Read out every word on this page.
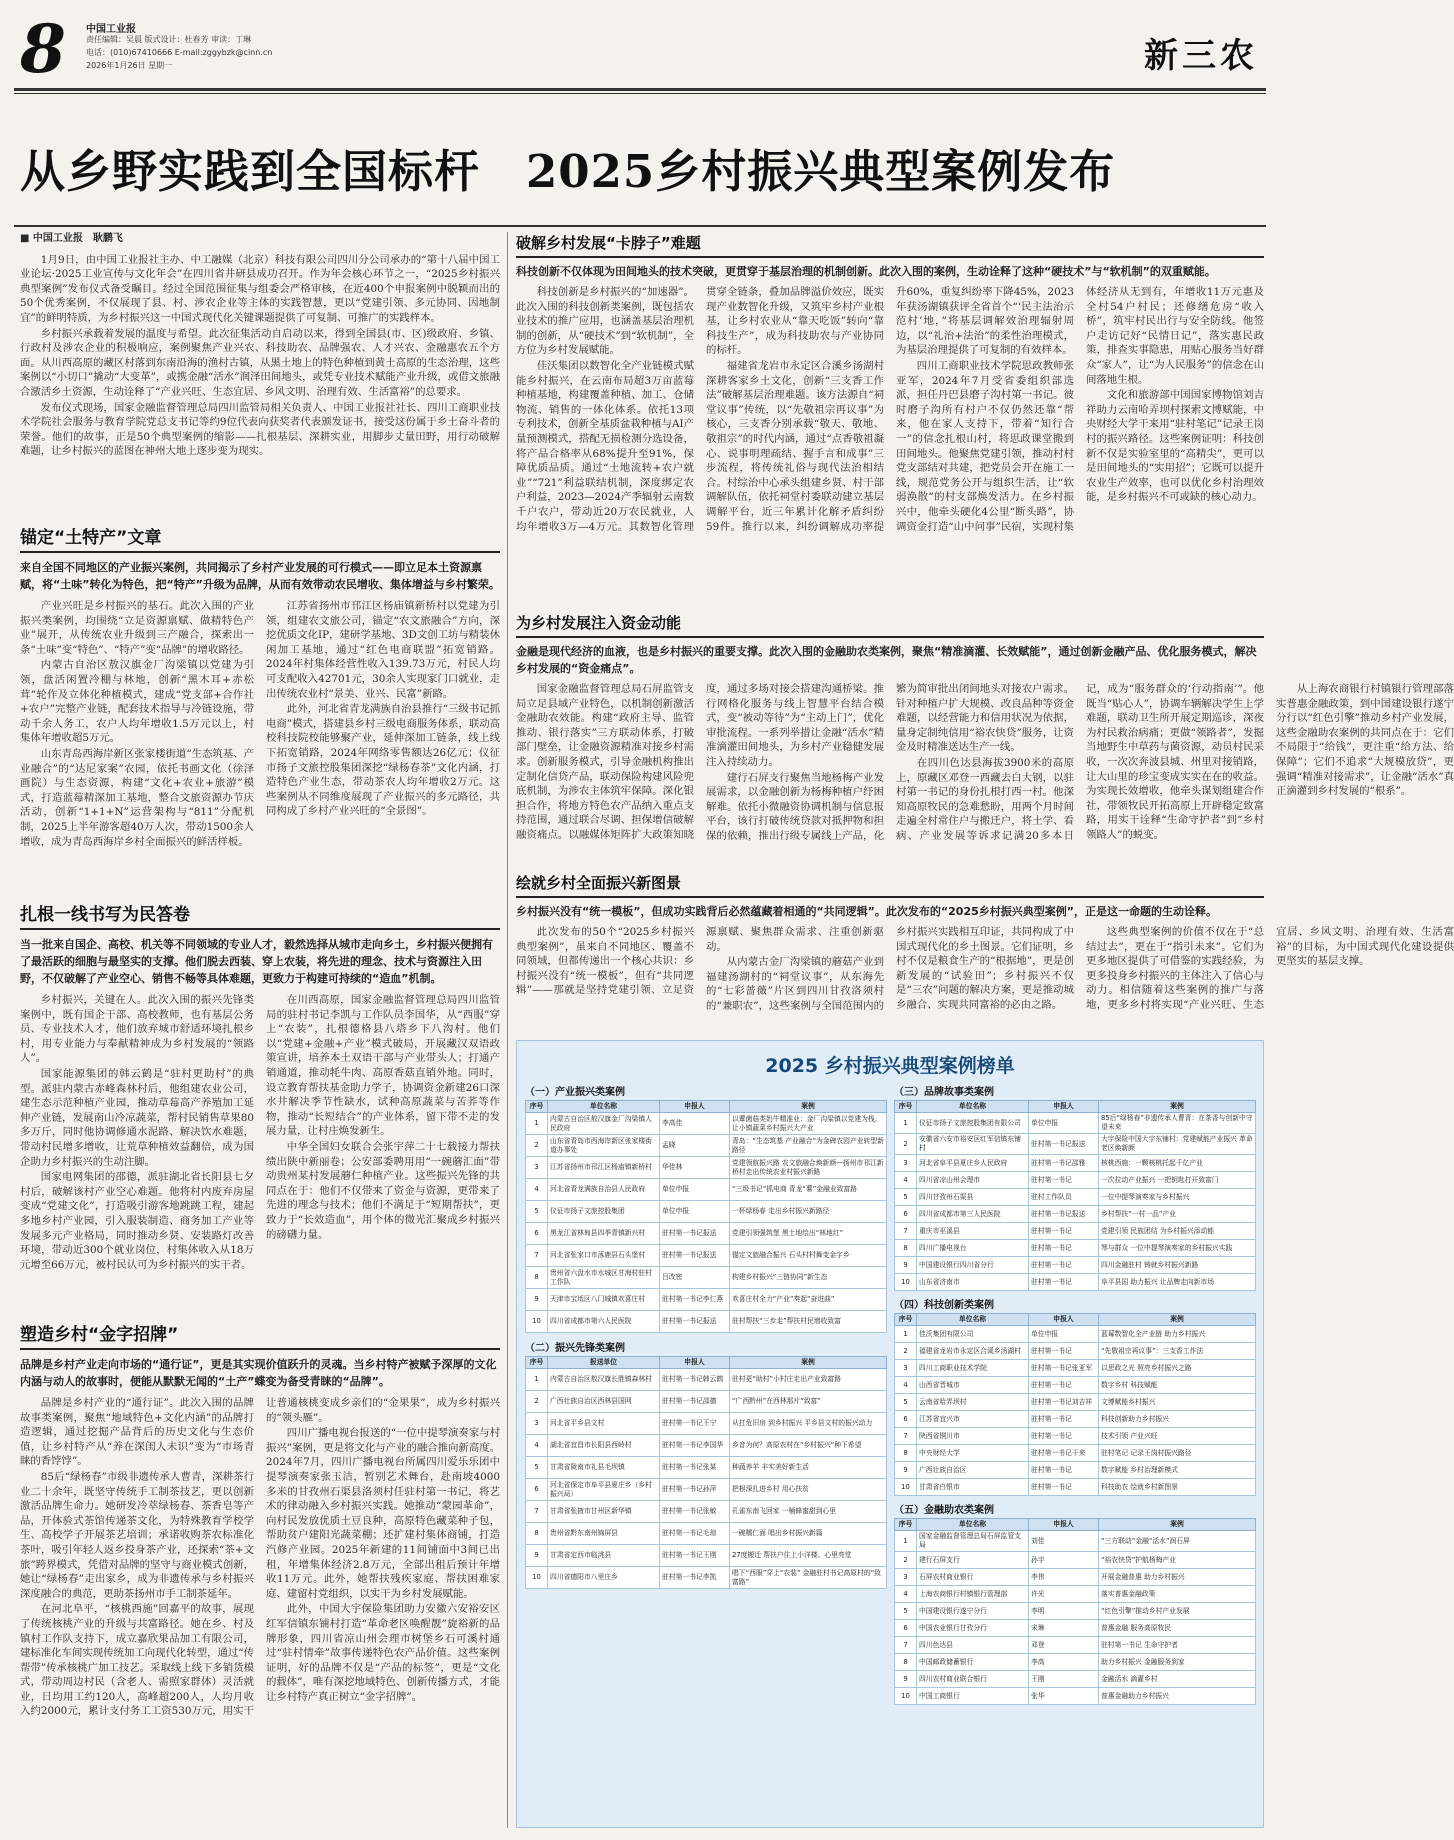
8 中国工业报
责任编辑：吴晨 版式设计：杜春芳 审读：丁琳
电话：(010)67410666 E-mail:zggybzk@cinn.cn
2026年1月26日 星期一	新三农
从乡野实践到全国标杆　2025乡村振兴典型案例发布
■ 中国工业报　耿鹏飞

1月9日，由中国工业报社主办、中工融媒（北京）科技有限公司四川分公司承办的“第十八届中国工业论坛·2025工业宣传与文化年会”在四川省井研县成功召开。作为年会核心环节之一，“2025乡村振兴典型案例”发布仪式备受瞩目。经过全国范围征集与组委会严格审核，在近400个申报案例中脱颖而出的50个优秀案例，不仅展现了县、村、涉农企业等主体的实践智慧，更以“党建引领、多元协同、因地制宜”的鲜明特质，为乡村振兴这一中国式现代化关键课题提供了可复制、可推广的实践样本。

乡村振兴承载着发展的温度与希望。此次征集活动自启动以来，得到全国县(市、区)级政府、乡镇、行政村及涉农企业的积极响应，案例聚焦产业兴农、科技助农、品牌强农、人才兴农、金融惠农五个方面。从川西高原的藏区村落到东南沿海的渔村古镇，从黑土地上的特色种植到黄土高原的生态治理，这些案例以“小切口”撬动“大变革”，或携金融“活水”润泽田间地头，或凭专业技术赋能产业升级，或借文旅融合激活乡土资源，生动诠释了“产业兴旺、生态宜居、乡风文明、治理有效、生活富裕”的总要求。

发布仪式现场，国家金融监督管理总局四川监管局相关负责人、中国工业报社社长、四川工商职业技术学院社会服务与教育学院党总支书记等约9位代表向获奖者代表颁发证书，接受这份属于乡土奋斗者的荣誉。他们的故事，正是50个典型案例的缩影——扎根基层、深耕实业，用脚步丈量田野，用行动破解难题，让乡村振兴的蓝图在神州大地上逐步变为现实。

锚定“土特产”文章
来自全国不同地区的产业振兴案例，共同揭示了乡村产业发展的可行模式——即立足本土资源禀赋，将“土味”转化为特色，把“特产”升级为品牌，从而有效带动农民增收、集体增益与乡村繁荣。

产业兴旺是乡村振兴的基石。此次入围的产业振兴类案例，均围绕“立足资源禀赋、做精特色产业”展开，从传统农业升级到三产融合，探索出一条“土味”变“特色”、“特产”变“品牌”的增收路径。

内蒙古自治区敖汉旗金厂沟梁镇以党建为引领，盘活闲置冷棚与林地，创新“黑木耳+赤松茸”轮作及立体化种植模式，建成“党支部+合作社+农户”完整产业链，配套技术指导与冷链设施，带动千余人务工，农户人均年增收1.5万元以上，村集体年增收超5万元。

山东青岛西海岸新区张家楼街道“生态筑基、产业融合”的“达尼家案”农园，依托书画文化（徐泽画院）与生态资源，构建“文化+农业+旅游”模式，打造蓝莓精深加工基地，整合文旅资源办节庆活动，创新“1+1+N”运营架构与“811”分配机制，2025上半年游客超40万人次，带动1500余人增收，成为青岛西海岸乡村全面振兴的鲜活样板。

江苏省扬州市邗江区杨庙镇新桥村以党建为引领，组建农文旅公司，锚定“农文旅融合”方向，深挖优质文化IP，建研学基地、3D文创工坊与精装休闲加工基地，通过“红色电商联盟”拓宽销路。2024年村集体经营性收入139.73万元，村民人均可支配收入42701元，30余人实现家门口就业，走出传统农业村“景美、业兴、民富”新路。

此外，河北省青龙满族自治县推行“三级书记抓电商”模式，搭建县乡村三级电商服务体系，联动高校科技院校能够聚产业，延伸深加工链条，线上线下拓宽销路，2024年网络零售额达26亿元；仪征市扬子文旅控股集团深挖“绿杨春茶”文化内涵，打造特色产业生态，带动茶农人均年增收2万元。这些案例从不同维度展现了产业振兴的多元路径，共同构成了乡村产业兴旺的“全景图”。

扎根一线书写为民答卷
当一批来自国企、高校、机关等不同领域的专业人才，毅然选择从城市走向乡土，乡村振兴便拥有了最活跃的细胞与最坚实的支撑。他们脱去西装、穿上农装，将先进的理念、技术与资源注入田野，不仅破解了产业空心、销售不畅等具体难题，更致力于构建可持续的“造血”机制。

乡村振兴，关键在人。此次入围的振兴先锋类案例中，既有国企干部、高校教师，也有基层公务员、专业技术人才，他们放弃城市舒适环境扎根乡村，用专业能力与奉献精神成为乡村发展的“领路人”。

国家能源集团的韩云鹤是“驻村更助村”的典型。派驻内蒙古赤峰森林村后，他组建农业公司，建生态示范种植产业园，推动草莓高产养殖加工延伸产业链，发展南山冷凉蔬菜，帮村民销售草果80多万斤，同时他协调修通水泥路、解决饮水难题，带动村民增多增收，让荒草种植效益翻倍，成为国企助力乡村振兴的生动注脚。

国家电网集团的邵德，派驻湖北省长阳县七夕村后，破解该村产业空心难题。他将村内废弃房屋变成“党建文化”，打造吸引游客地跳跳工程，建起多地乡村产业园，引入服装制造、商务加工产业等发展多元产业格局，同时推动乡贤、安装路灯改善环境，带动近300个就业岗位，村集体收入从18万元增至66万元，被村民认可为乡村振兴的实干者。

在川西高原，国家金融监督管理总局四川监管局的驻村书记李凯与工作队员李国华，从“西服”穿上“农装”，扎根德格县八塔乡下八沟村。他们以“党建+金融+产业”模式破局，开展藏汉双语政策宣讲，培养本土双语干部与产业带头人；打通产销通道，推动牦牛肉、高原香菇直销外地。同时，设立教育帮扶基金助力学子，协调资金新建26口深水井解决季节性缺水，试种高原蔬菜与苦荞等作物，推动“长短结合”的产业体系，留下带不走的发展力量，让村庄焕发新生。

中华全国妇女联合会张宇萍二十七载接力帮扶绩出陕中新丽卷；公安部委聘用用“一碗蘑汇面”带动贵州某村发展蘑仁种植产业。这些振兴先锋的共同点在于：他们不仅带来了资金与资源，更带来了先进的理念与技术；他们不满足于“短期帮扶”，更致力于“长效造血”，用个体的微光汇聚成乡村振兴的磅礴力量。

塑造乡村“金字招牌”
品牌是乡村产业走向市场的“通行证”，更是其实现价值跃升的灵魂。当乡村特产被赋予深厚的文化内涵与动人的故事时，便能从默默无闻的“土产”蝶变为备受青睐的“品牌”。

品牌是乡村产业的“通行证”。此次入围的品牌故事类案例，聚焦“地域特色+文化内涵”的品牌打造逻辑，通过挖掘产品背后的历史文化与生态价值，让乡村特产从“养在深闺人未识”变为“市场青睐的香饽饽”。

85后“绿杨春”市级非遗传承人曹青，深耕茶行业二十余年，既坚守传统手工制茶技艺，更以创新激活品牌生命力。她研发冷萃绿杨春、茶香皂等产品，开体验式茶馆传递茶文化，为特殊教育学校学生、高校学子开展茶艺培训；承诺收购茶农标准化茶叶，吸引年轻人返乡投身茶产业，还探索“茶+文旅”跨界模式，凭借对品牌的坚守与商业模式创新，她让“绿杨春”走出家乡，成为非遗传承与乡村振兴深度融合的典范，更助茶扬州市手工制茶延年。

在河北阜平，“核桃西施”回嘉平的故事，展现了传统核桃产业的升级与共富路径。她在乡、村及镇村工作队支持下，成立嘉欣果品加工有限公司，建标准化车间实现传统加工向现代化转型，通过“传帮带”传承核桃广加工技艺。采取线上线下多销货模式，带动周边村民（含老人、需照家群体）灵活就业，日均用工约120人，高峰超200人，人均月收入约2000元，累计支付务工工资530万元，用实干让普通核桃变成乡亲们的“金果果”，成为乡村振兴的“领头雁”。

四川广播电视台报送的“一位中提琴演奏家与村振兴”案例，更是将文化与产业的融合推向新高度。2024年7月，四川广播电视台所属四川爱乐乐团中提琴演奏家张玉洁，暂别艺术舞台，赴南坡4000多米的甘孜州石渠县洛须村任驻村第一书记，将艺术的律动融入乡村振兴实践。她推动“蒙园革命”，向村民发放优质土豆良种，高原特色藏菜种子包，帮助贫户建阳光蔬菜棚；还扩建村集体商铺，打造汽修产业园。2025年新建的11间铺面中3间已出租，年增集体经济2.8万元，全部出租后预计年增收11万元。此外，她帮扶残疾家庭、帮扶困难家庭、建留村党组织，以实干为乡村发展赋能。

此外，中国大宇保险集团助力安徽六安裕安区红军信镇东铺村打造“革命老区唤醒靓”旋裕新的品牌形象，四川省凉山州会理市树堡乡石可溪村通过“驻村情牵”故事传递特色农产品价值。这些案例证明，好的品牌不仅是“产品的标签”，更是“文化的载体”，唯有深挖地域特色、创新传播方式，才能让乡村特产真正树立“金字招牌”。

破解乡村发展“卡脖子”难题
科技创新不仅体现为田间地头的技术突破，更贯穿于基层治理的机制创新。此次入围的案例，生动诠释了这种“硬技术”与“软机制”的双重赋能。

科技创新是乡村振兴的“加速器”。此次入围的科技创新类案例，既包括农业技术的推广应用，也涵盖基层治理机制的创新，从“硬技术”到“软机制”，全方位为乡村发展赋能。

佳沃集团以数智化全产业链模式赋能乡村振兴，在云南布局超3万亩蓝莓种植基地，构建覆盖种植、加工、仓储物流、销售的一体化体系。依托13项专利技术，创新全基质盆栽种植与AI产量预测模式，搭配无损检测分选设备，将产品合格率从68%提升至91%，保障优质品质。通过“土地流转+农户就业”“721”利益联结机制，深度绑定农户利益，2023—2024产季辐射云南数千户农户，带动近20万农民就业，人均年增收3万—4万元。其数智化管理贯穿全链条，叠加品牌溢价效应，既实现产业数智化升级，又筑牢乡村产业根基，让乡村农业从“靠天吃饭”转向“靠科技生产”，成为科技助农与产业协同的标杆。

福建省龙岩市永定区合溪乡汤湖村深耕客家乡土文化，创新“三支香工作法”破解基层治理难题。该方法源自“祠堂议事”传统，以“先敬祖宗再议事”为核心，三支香分别承载“敬天、敬地、敬祖宗”的时代内涵，通过“点香敬祖凝心、说事明理疏结、握手言和成事”三步流程，将传统礼俗与现代法治相结合。村综治中心承头组建乡贤、村干部调解队伍，依托祠堂村委联动建立基层调解平台，近三年累计化解矛盾纠纷59件。推行以来，纠纷调解成功率提升60%，重复纠纷率下降45%，2023年获汤湖镇获评全省首个“‘民主法治示范村’地，”将基层调解效治理辐射周边，以“礼治+法治”的柔性治理模式，为基层治理提供了可复制的有效样本。

四川工商职业技术学院思政教师张亚军，2024年7月受省委组织部选派，担任丹巴县磨子沟村第一书记。彼时磨子沟所有村户不仅仍然还靠“帮来，他在家人支持下，带着“知行合一”的信念扎根山村，将思政课堂搬到田间地头。他聚焦党建引领，推动村村党支部结对共建，把党员会开在施工一线，规范党务公开与组织生活，让“软弱涣散”的村支部焕发活力。在乡村振兴中，他牵头硬化4公里“断头路”，协调资金打造“山中问事”民宿，实现村集体经济从无到有，年增收11万元惠及全村54户村民；还修缮危房“收入桥”，筑牢村民出行与安全防线。他签户走访记好“民情日记”，落实惠民政策，排查实事隐患，用贴心服务当好群众“家人”，让“为人民服务”的信念在山间落地生根。

文化和旅游部中国国家博物馆刘吉祥助力云南哈弄坝村探索文博赋能，中央财经大学干来用“驻村笔记”记录王岗村的振兴路径。这些案例证明：科技创新不仅是实验室里的“高精尖”，更可以是田间地头的“实用招”；它既可以提升农业生产效率，也可以优化乡村治理效能，是乡村振兴不可或缺的核心动力。

为乡村发展注入资金动能
金融是现代经济的血液，也是乡村振兴的重要支撑。此次入围的金融助农类案例，聚焦“精准滴灌、长效赋能”，通过创新金融产品、优化服务模式，解决乡村发展的“资金痛点”。

国家金融监督管理总局石屏监管支局立足县域产业特色，以机制创新激活金融助农效能。构建“政府主导、监管推动、银行落实”三方联动体系，打破部门壁垒，让金融资源精准对接乡村需求。创新服务模式，引导金融机构推出定制化信贷产品，联动保险构建风险兜底机制，为涉农主体筑牢保障。深化银担合作，将地方特色农产品纳入重点支持范围，通过联合尽调、担保增信破解融资痛点。以融媒体矩阵扩大政策知晓度，通过多场对接会搭建沟通桥梁。推行网格化服务与线上智慧平台结合模式，变“被动等待”为“主动上门”，优化审批流程。一系列举措让金融“活水”精准滴灌田间地头，为乡村产业稳健发展注入持续动力。

建行石屏支行聚焦当地杨梅产业发展需求，以金融创新为杨梅种植户纾困解难。依托小微融资协调机制与信息报平台，该行打破传统贷款对抵押物和担保的依赖，推出行级专属线上产品，化繁为简审批出闭间地头对接农户需求。针对种植户扩大规模、改良品种等资金难题，以经营能力和信用状况为依据，量身定制纯信用“裕农快贷”服务，让资金及时精准送达生产一线。

在四川色达县海拔3900米的高原上，原藏区邓登一西藏去白大钢，以驻村第一书记的身份扎根打西一村。他深知高原牧民的急难愁盼，用两个月时间走遍全村常住户与搬迁户，将土学、看病、产业发展等诉求记满20多本日记，成为“服务群众的‘行动指南’”。他既当“贴心人”，协调车辆解决学生上学难题，联动卫生所开展定期巡诊，深夜为村民救治病痛；更做“领路者”，发掘当地野生中草药与菌资源，动员村民采收，一次次奔波县城、州里对接销路，让大山里的珍宝变成实实在在的收益。为实现长效增收，他牵头谋划组建合作社，带领牧民开拓高原上开辟稳定致富路，用实干诠释“生命守护者”到“乡村领路人”的蜕变。

从上海农商银行村镇银行管理部落实普惠金融政策，到中国建设银行遂宁分行以“红色引擎”推动乡村产业发展，这些金融助农案例的共同点在于：它们不局限于“给钱”，更注重“给方法、给保障”；它们不追求“大规模放贷”，更强调“精准对接需求”，让金融“活水”真正滴灌到乡村发展的“根系”。

绘就乡村全面振兴新图景
乡村振兴没有“统一模板”，但成功实践背后必然蕴藏着相通的“共同逻辑”。此次发布的“2025乡村振兴典型案例”，正是这一命题的生动诠释。

此次发布的50个“2025乡村振兴典型案例”，虽来自不同地区、覆盖不同领域，但都传递出一个核心共识：乡村振兴没有“统一模板”，但有“共同逻辑”——那就是坚持党建引领、立足资源禀赋、聚焦群众需求、注重创新驱动。

从内蒙古金厂沟梁镇的蘑菇产业到福建汤湖村的“祠堂议事”，从东海先的“七彩蔷薇”片区到四川甘孜洛须村的“兼职农”，这些案例与全国范围内的乡村振兴实践相互印证，共同构成了中国式现代化的乡土图景。它们证明，乡村不仅是粮食生产的“根据地”，更是创新发展的“试验田”；乡村振兴不仅是“三农”问题的解决方案，更是推动城乡融合、实现共同富裕的必由之路。

这些典型案例的价值不仅在于“总结过去”，更在于“指引未来”。它们为更多地区提供了可借鉴的实践经验，为更多投身乡村振兴的主体注入了信心与动力。相信随着这些案例的推广与落地，更多乡村将实现“产业兴旺、生态宜居、乡风文明、治理有效、生活富裕”的目标，为中国式现代化建设提供更坚实的基层支撑。

2025 乡村振兴典型案例榜单
（一）产业振兴类案例
序号	单位名称	申报人	案例
1	内蒙古自治区敖汉旗金厂沟梁镇人民政府	李高佳	以蕈菌菇类奶牛精准业：金厂沟梁镇以党建为栈，让小镇蔬菜乡村振兴大产业
2	山东省青岛市西海岸新区张家楼街道办事处	孟晓	青岛：“生态筑基 产业融合”为金碑农园产业转型新路径
3	江苏省扬州市邗江区杨庙镇新桥村	华佳林	党建领航振兴路 农文旅融合焕新颜—扬州市邗江新桥村走出传统农业村振兴新路
4	河北省青龙满族自治县人民政府	单位申报	“三级书记”抓电商 青龙“薯”金融业致富路
5	仪征市扬子文旅控股集团	单位申报	一杯绿杨春 走出乡村振兴新路径
6	黑龙江省林甸县四季青镇新兴村	驻村第一书记报送	党建引领强筑堡 黑土地绘出“林地红”
7	河北省张家口市涿鹿县石头堡村	驻村第一书记报送	锚定文旅融合振兴 石头村村舞变金字乡
8	贵州省六盘水市水城区甘海村驻村工作队	吕改密	构建乡村振兴“三链协同”新生态
9	天津市宝坻区八门城镇欢喜庄村	驻村第一书记李仁燕	欢喜庄村全力“产业”奏起“奋进曲”
10	四川省成都市第六人民医院	驻村第一书记报送	驻村帮扶“三步走”帮扶村民增收致富
（二）振兴先锋类案例
序号	报送单位	申报人	案例
1	内蒙古自治区敖汉旗长胜镇森林村	驻村第一书记韩云鹤	驻村更“助村”小村庄走出产业致富路
2	广西壮族自治区西林县国网	驻村第一书记邵德	“广西黔州”在西林那片“致富”
3	河北省平乡县文村	驻村第一书记王宁	从扛危旧房 到乡村振兴 平乡县文村的振兴动力
4	湖北省宜昌市长阳县西岭村	驻村第一书记李国华	乡音为何？高原农村在“乡村振兴“种下希望
5	甘肃省陇南市礼县毛坝镇	驻村第一书记张某	种蔬养羊 丰实美好新生活
6	河北省保定市阜平县夏庄乡（乡村振兴局）	驻村第一书记孙萍	把根深扎进乡村 用心扶贫
7	甘肃省张掖市甘州区新华镇	驻村第一书记张敏	孔雀东南飞回家 一桶蜂蜜甜到心里
8	贵州省黔东南州锦屏县	驻村第一书记毛琼	一碗糯仁面 唱出乡村振兴新篇
9	甘肃省定西市临洮县	驻村第一书记王刚	27度搬迁 帮扶户住上小洋楼、心里亮堂
10	四川省德阳市八里庄乡	驻村第一书记李凯	唱下“西服”穿上“农装” 金融驻村书记高原村的“致富路”
（三）品牌故事类案例
序号	单位名称	申报人	案例
1	仪征市扬子文旅控股集团有限公司	单位申报	85后“绿杨春”非遗传承人曹青：在茶香与创新中守望未来
2	安徽省六安市裕安区红军信镇东铺村	驻村第一书记报送	大宇保险中国大宇东铺村：党建赋能产业振兴 革命老区焕新颜
3	河北省阜平县夏庄乡人民政府	驻村第一书记邵雅	核桃西施：一颗核桃托起千亿产业
4	四川省凉山州会理市	驻村第一书记	一次拉动产业振兴 一把钥匙打开致富门
5	四川甘孜州石渠县	驻村工作队员	一位中提琴演奏家与乡村振兴
6	四川省成都市第三人民医院	驻村第一书记报送	乡村帮扶“一村一品”产业
7	重庆市巫溪县	驻村第一书记	党建引领 民族团结 为乡村振兴添动能
8	四川广播电视台	驻村第一书记	琴与群众 一位中提琴演奏家的乡村振兴实践
9	中国建设银行四川省分行	驻村第一书记	四川金融驻村 铸就乡村振兴新路
10	山东省济南市	驻村第一书记	阜平县国 助力振兴 让品牌走向新市场
（四）科技创新类案例
序号	单位名称	申报人	案例
1	佳沃集团有限公司	单位申报	蓝莓数智化全产业链 助力乡村振兴
2	福建省龙岩市永定区合溪乡汤湖村	驻村第一书记	“先敬祖宗再议事”：三支香工作法
3	四川工商职业技术学院	驻村第一书记张亚军	以思政之光 照亮乡村振兴之路
4	山西省晋城市	驻村第一书记	数字乡村 科技赋能
5	云南省哈弄坝村	驻村第一书记刘吉祥	文博赋能乡村振兴
6	江苏省宜兴市	驻村第一书记	科技创新助力乡村振兴
7	陕西省铜川市	驻村第一书记	技术引领 产业兴旺
8	中央财经大学	驻村第一书记干来	驻村笔记 记录王岗村振兴路径
9	广西壮族自治区	驻村第一书记	数字赋能 乡村治理新模式
10	甘肃省白银市	驻村第一书记	科技助农 绘就乡村新图景
（五）金融助农类案例
序号	单位名称	申报人	案例
1	国家金融监督管理总局石屏监管支局	刘佳	“三方联动”金融“活水”润石屏
2	建行石屏支行	孙宇	“裕农快贷”护航杨梅产业
3	石屏农村商业银行	李伟	开展金融普惠 助力乡村振兴
4	上海农商银行村镇银行管理部	许光	落实普惠金融政策
5	中国建设银行遂宁分行	李明	“红色引擎”推动乡村产业发展
6	中国农业银行甘孜分行	宋琳	普惠金融 服务高原牧民
7	四川色达县	邓登	驻村第一书记 生命守护者
8	中国邮政储蓄银行	李高	助力乡村振兴 金融服务到家
9	四川农村商业联合银行	王刚	金融活水 滴灌乡村
10	中国工商银行	张华	普惠金融助力乡村振兴
